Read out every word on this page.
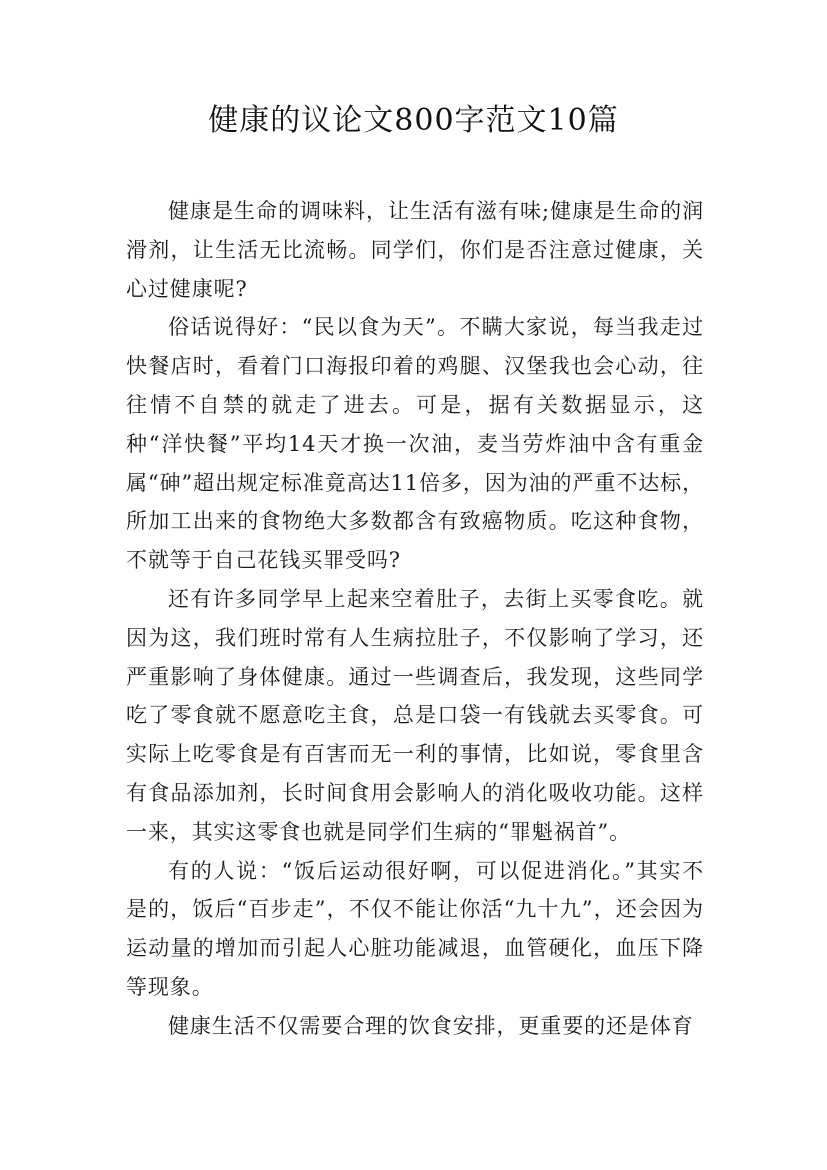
健康的议论文800字范文10篇

健康是生命的调味料，让生活有滋有味;健康是生命的润滑剂，让生活无比流畅。同学们，你们是否注意过健康，关心过健康呢?

俗话说得好：“民以食为天”。不瞒大家说，每当我走过快餐店时，看着门口海报印着的鸡腿、汉堡我也会心动，往往情不自禁的就走了进去。可是，据有关数据显示，这种“洋快餐”平均14天才换一次油，麦当劳炸油中含有重金属“砷”超出规定标准竟高达11倍多，因为油的严重不达标，所加工出来的食物绝大多数都含有致癌物质。吃这种食物，不就等于自己花钱买罪受吗?

还有许多同学早上起来空着肚子，去街上买零食吃。就因为这，我们班时常有人生病拉肚子，不仅影响了学习，还严重影响了身体健康。通过一些调查后，我发现，这些同学吃了零食就不愿意吃主食，总是口袋一有钱就去买零食。可实际上吃零食是有百害而无一利的事情，比如说，零食里含有食品添加剂，长时间食用会影响人的消化吸收功能。这样一来，其实这零食也就是同学们生病的“罪魁祸首”。

有的人说：“饭后运动很好啊，可以促进消化。”其实不是的，饭后“百步走”，不仅不能让你活“九十九”，还会因为运动量的增加而引起人心脏功能减退，血管硬化，血压下降等现象。

健康生活不仅需要合理的饮食安排，更重要的还是体育
